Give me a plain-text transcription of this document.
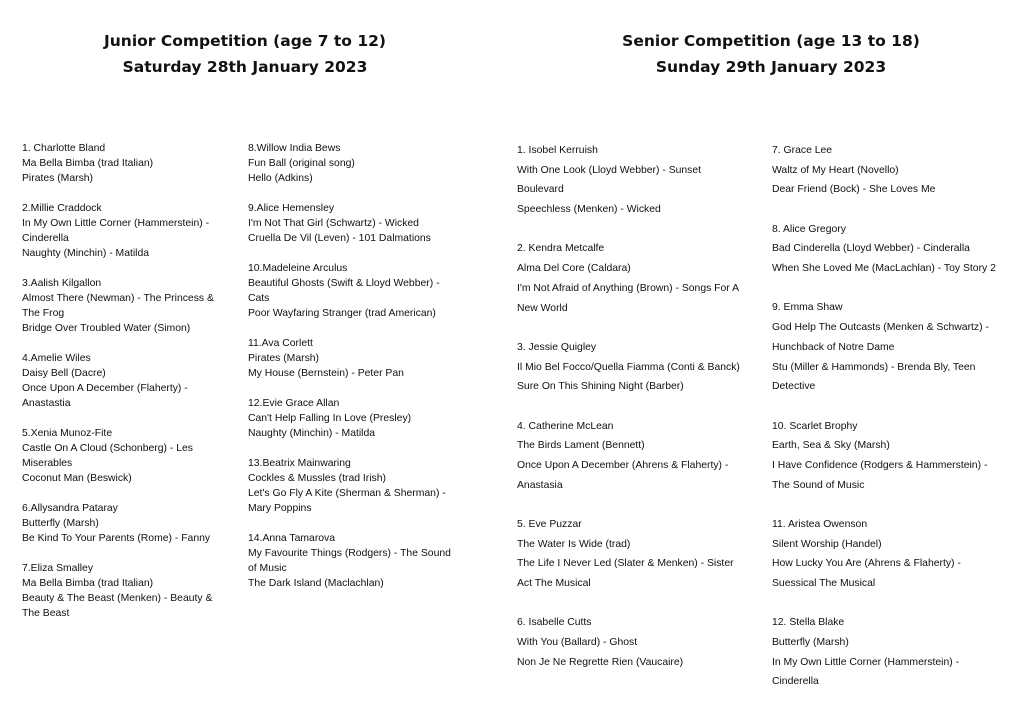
Junior Competition (age 7 to 12)
Saturday 28th January 2023
Senior Competition (age 13 to 18)
Sunday 29th January 2023
1. Charlotte Bland
Ma Bella Bimba (trad Italian)
Pirates (Marsh)
2.Millie Craddock
In My Own Little Corner (Hammerstein) -
Cinderella
Naughty (Minchin) - Matilda
3.Aalish Kilgallon
Almost There (Newman) - The Princess &
The Frog
Bridge Over Troubled Water (Simon)
4.Amelie Wiles
Daisy Bell (Dacre)
Once Upon A December (Flaherty) -
Anastastia
5.Xenia Munoz-Fite
Castle On A Cloud (Schonberg) - Les
Miserables
Coconut Man (Beswick)
6.Allysandra Pataray
Butterfly (Marsh)
Be Kind To Your Parents (Rome) - Fanny
7.Eliza Smalley
Ma Bella Bimba (trad Italian)
Beauty & The Beast (Menken) - Beauty &
The Beast
8.Willow India Bews
Fun Ball (original song)
Hello (Adkins)
9.Alice Hemensley
I'm Not That Girl (Schwartz) - Wicked
Cruella De Vil (Leven) - 101 Dalmations
10.Madeleine Arculus
Beautiful Ghosts (Swift & Lloyd Webber) -
Cats
Poor Wayfaring Stranger (trad American)
11.Ava Corlett
Pirates (Marsh)
My House (Bernstein) - Peter Pan
12.Evie Grace Allan
Can't Help Falling In Love (Presley)
Naughty (Minchin) - Matilda
13.Beatrix Mainwaring
Cockles & Mussles (trad Irish)
Let's Go Fly A Kite (Sherman & Sherman) -
Mary Poppins
14.Anna Tamarova
My Favourite Things (Rodgers) - The Sound
of Music
The Dark Island (Maclachlan)
1. Isobel Kerruish
With One Look (Lloyd Webber) - Sunset
Boulevard
Speechless (Menken) - Wicked
2. Kendra Metcalfe
Alma Del Core (Caldara)
I'm Not Afraid of Anything (Brown) - Songs For A
New World
3. Jessie Quigley
Il Mio Bel Focco/Quella Fiamma (Conti & Banck)
Sure On This Shining Night (Barber)
4. Catherine McLean
The Birds Lament (Bennett)
Once Upon A December (Ahrens & Flaherty) -
Anastasia
5. Eve Puzzar
The Water Is Wide (trad)
The Life I Never Led (Slater & Menken) - Sister
Act The Musical
6. Isabelle Cutts
With You (Ballard) - Ghost
Non Je Ne Regrette Rien (Vaucaire)
7. Grace Lee
Waltz of My Heart (Novello)
Dear Friend (Bock) - She Loves Me
8. Alice Gregory
Bad Cinderella (Lloyd Webber) - Cinderalla
When She Loved Me (MacLachlan) - Toy Story 2
9. Emma Shaw
God Help The Outcasts (Menken & Schwartz) -
Hunchback of Notre Dame
Stu (Miller & Hammonds) - Brenda Bly, Teen
Detective
10. Scarlet Brophy
Earth, Sea & Sky (Marsh)
I Have Confidence (Rodgers & Hammerstein) -
The Sound of Music
11. Aristea Owenson
Silent Worship (Handel)
How Lucky You Are (Ahrens & Flaherty) -
Suessical The Musical
12. Stella Blake
Butterfly (Marsh)
In My Own Little Corner (Hammerstein) -
Cinderella
